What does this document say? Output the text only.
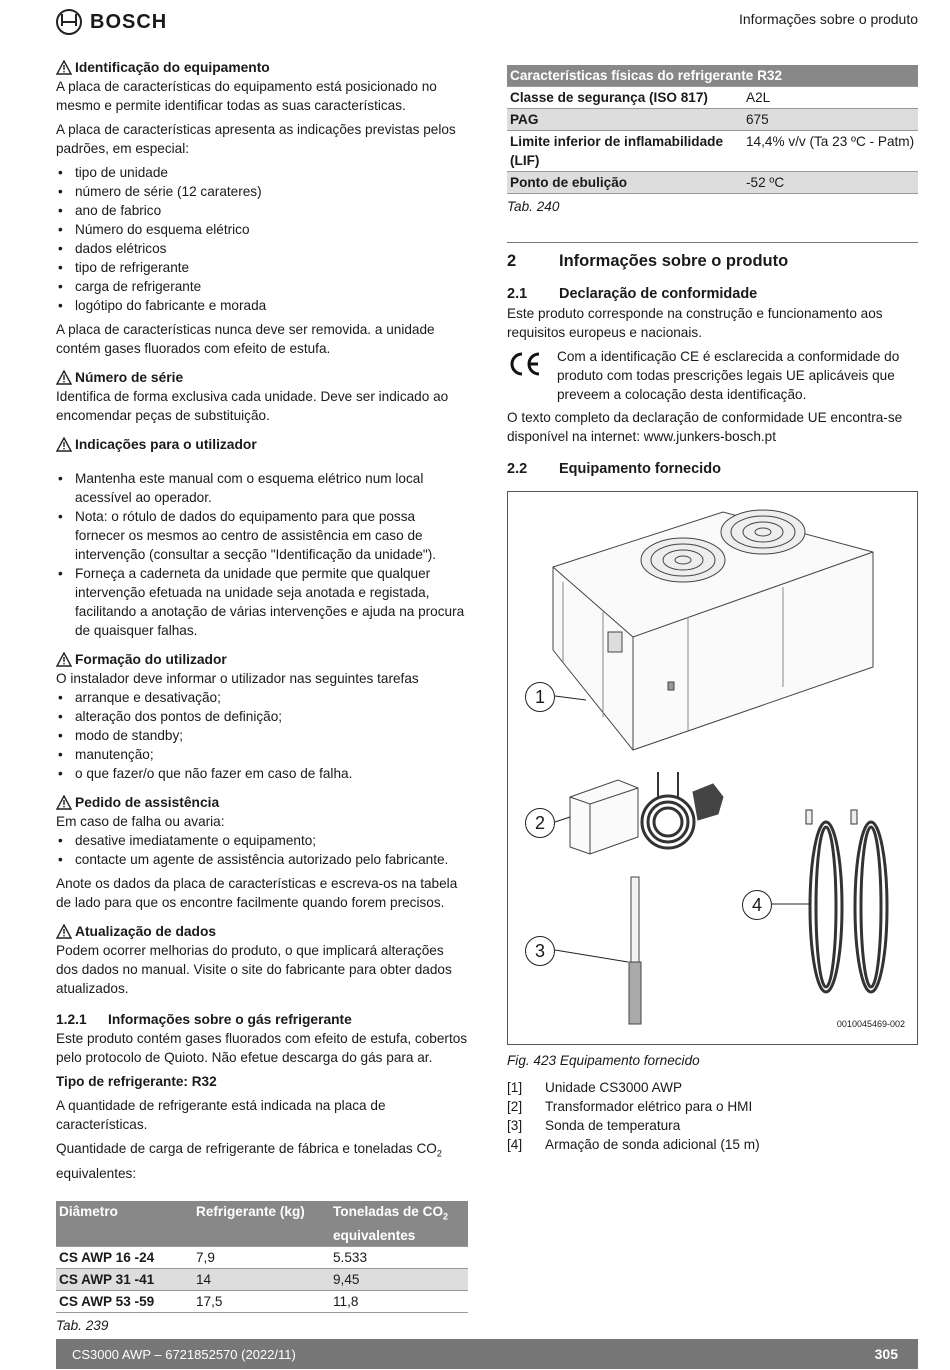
BOSCH	Informações sobre o produto
Identificação do equipamento

A placa de características do equipamento está posicionado no mesmo e permite identificar todas as suas características.

A placa de características apresenta as indicações previstas pelos padrões, em especial:

• tipo de unidade
• número de série (12 carateres)
• ano de fabrico
• Número do esquema elétrico
• dados elétricos
• tipo de refrigerante
• carga de refrigerante
• logótipo do fabricante e morada

A placa de características nunca deve ser removida. a unidade contém gases fluorados com efeito de estufa.

Número de série

Identifica de forma exclusiva cada unidade. Deve ser indicado ao encomendar peças de substituição.

Indicações para o utilizador
• Mantenha este manual com o esquema elétrico num local acessível ao operador.
• Nota: o rótulo de dados do equipamento para que possa fornecer os mesmos ao centro de assistência em caso de intervenção (consultar a secção "Identificação da unidade").
• Forneça a caderneta da unidade que permite que qualquer intervenção efetuada na unidade seja anotada e registada, facilitando a anotação de várias intervenções e ajuda na procura de quaisquer falhas.
Formação do utilizador

O instalador deve informar o utilizador nas seguintes tarefas

• arranque e desativação;
• alteração dos pontos de definição;
• modo de standby;
• manutenção;
• o que fazer/o que não fazer em caso de falha.
Pedido de assistência

Em caso de falha ou avaria:

• desative imediatamente o equipamento;
• contacte um agente de assistência autorizado pelo fabricante.

Anote os dados da placa de características e escreva-os na tabela de lado para que os encontre facilmente quando forem precisos.

Atualização de dados

Podem ocorrer melhorias do produto, o que implicará alterações dos dados no manual. Visite o site do fabricante para obter dados atualizados.

1.2.1	Informações sobre o gás refrigerante

Este produto contém gases fluorados com efeito de estufa, cobertos pelo protocolo de Quioto. Não efetue descarga do gás para ar.

Tipo de refrigerante: R32

A quantidade de refrigerante está indicada na placa de características.

Quantidade de carga de refrigerante de fábrica e toneladas $CO_2$
equivalentes:

Diâmetro	Refrigerante (kg)	Toneladas de $CO_2$
equivalentes
CS AWP 16 -24	7,9	5.533
CS AWP 31 -41	14	9,45
CS AWP 53 -59	17,5	11,8
Tab. 239
Características físicas do refrigerante R32	
Classe de segurança (ISO 817)	A2L
PAG	675
Limite inferior de inflamabilidade (LIF)	14,4% v/v (Ta 23 ºC - Patm)
Ponto de ebulição	-52 ºC
Tab. 240
2	Informações sobre o produto
2.1	Declaração de conformidade

Este produto corresponde na construção e funcionamento aos requisitos europeus e nacionais.

Com a identificação CE é esclarecida a conformidade do produto com todas prescrições legais UE aplicáveis que preveem a colocação desta identificação.

O texto completo da declaração de conformidade UE encontra-se disponível na internet: www.junkers-bosch.pt

2.2	Equipamento fornecido
1
2
3
4
0010045469-002
Fig. 423 Equipamento fornecido
[1]	Unidade CS3000 AWP
[2]	Transformador elétrico para o HMI
[3]	Sonda de temperatura
[4]	Armação de sonda adicional (15 m)
CS3000 AWP – 6721852570 (2022/11)	305
